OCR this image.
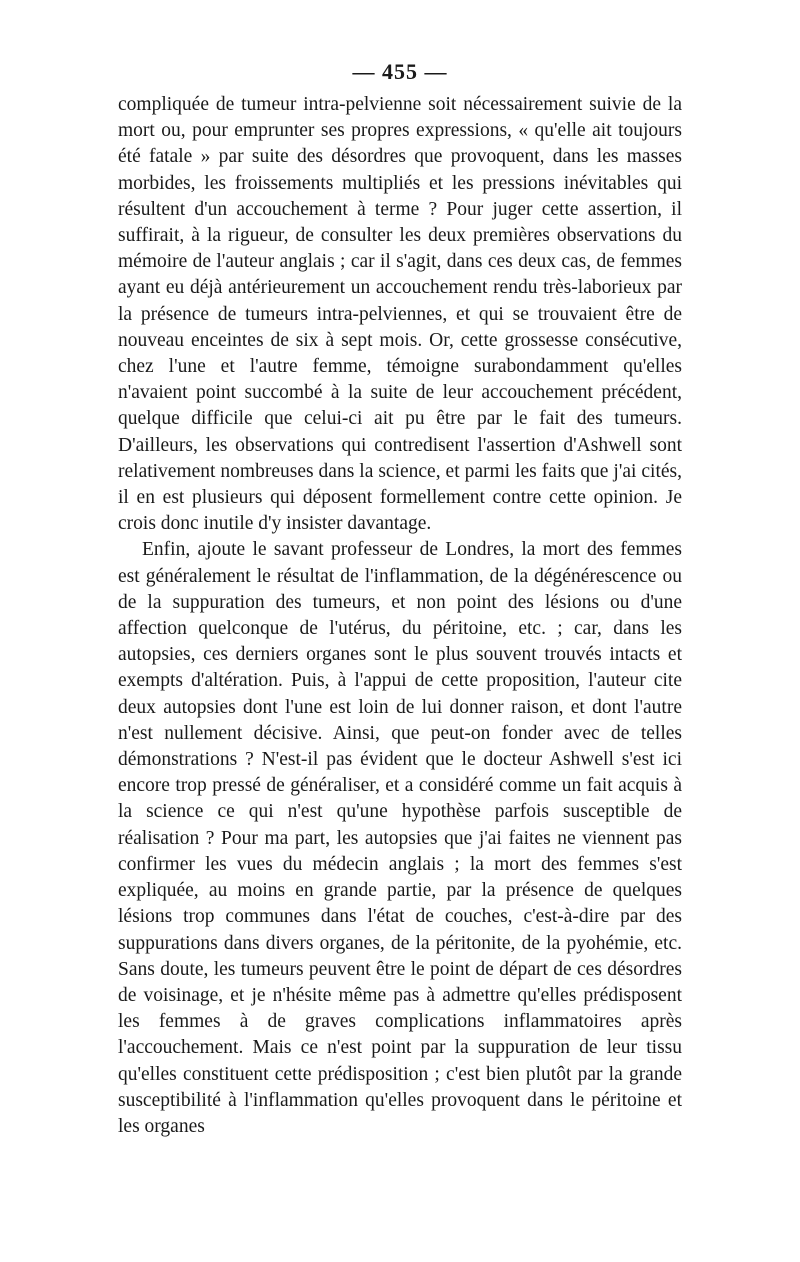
— 455 —

compliquée de tumeur intra-pelvienne soit nécessairement suivie de la mort ou, pour emprunter ses propres expressions, « qu'elle ait toujours été fatale » par suite des désordres que provoquent, dans les masses morbides, les froissements multipliés et les pressions inévitables qui résultent d'un accouchement à terme ? Pour juger cette assertion, il suffirait, à la rigueur, de consulter les deux premières observations du mémoire de l'auteur anglais ; car il s'agit, dans ces deux cas, de femmes ayant eu déjà antérieurement un accouchement rendu très-laborieux par la présence de tumeurs intra-pelviennes, et qui se trouvaient être de nouveau enceintes de six à sept mois. Or, cette grossesse consécutive, chez l'une et l'autre femme, témoigne surabondamment qu'elles n'avaient point succombé à la suite de leur accouchement précédent, quelque difficile que celui-ci ait pu être par le fait des tumeurs. D'ailleurs, les observations qui contredisent l'assertion d'Ashwell sont relativement nombreuses dans la science, et parmi les faits que j'ai cités, il en est plusieurs qui déposent formellement contre cette opinion. Je crois donc inutile d'y insister davantage.

Enfin, ajoute le savant professeur de Londres, la mort des femmes est généralement le résultat de l'inflammation, de la dégénérescence ou de la suppuration des tumeurs, et non point des lésions ou d'une affection quelconque de l'utérus, du péritoine, etc. ; car, dans les autopsies, ces derniers organes sont le plus souvent trouvés intacts et exempts d'altération. Puis, à l'appui de cette proposition, l'auteur cite deux autopsies dont l'une est loin de lui donner raison, et dont l'autre n'est nullement décisive. Ainsi, que peut-on fonder avec de telles démonstrations ? N'est-il pas évident que le docteur Ashwell s'est ici encore trop pressé de généraliser, et a considéré comme un fait acquis à la science ce qui n'est qu'une hypothèse parfois susceptible de réalisation ? Pour ma part, les autopsies que j'ai faites ne viennent pas confirmer les vues du médecin anglais ; la mort des femmes s'est expliquée, au moins en grande partie, par la présence de quelques lésions trop communes dans l'état de couches, c'est-à-dire par des suppurations dans divers organes, de la péritonite, de la pyohémie, etc. Sans doute, les tumeurs peuvent être le point de départ de ces désordres de voisinage, et je n'hésite même pas à admettre qu'elles prédisposent les femmes à de graves complications inflammatoires après l'accouchement. Mais ce n'est point par la suppuration de leur tissu qu'elles constituent cette prédisposition ; c'est bien plutôt par la grande susceptibilité à l'inflammation qu'elles provoquent dans le péritoine et les organes
